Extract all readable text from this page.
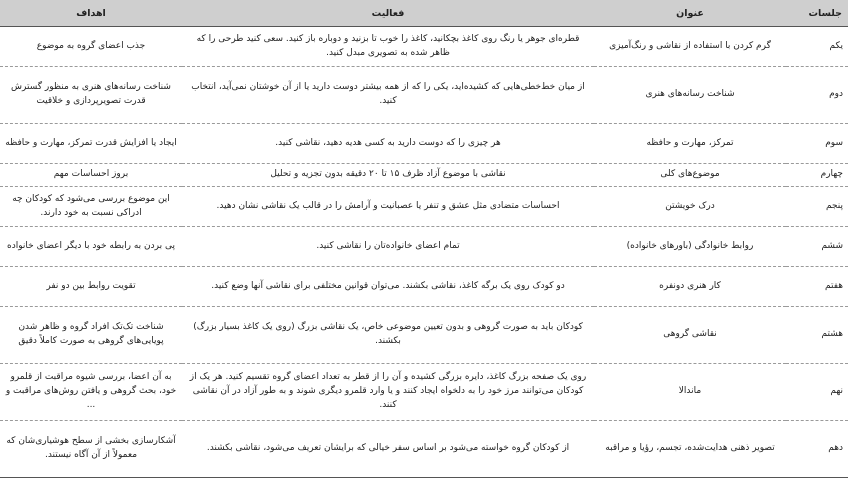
جلسات	عنوان	فعالیت	اهداف
یکم	گرم کردن با استفاده از نقاشی و رنگ‌آمیزی	قطره‌ای جوهر یا رنگ روی کاغذ بچکانید، کاغذ را خوب تا بزنید و دوباره باز کنید. سعی کنید طرحی را که ظاهر شده به تصویری مبدل کنید.	جذب اعضای گروه به موضوع
دوم	شناخت رسانه‌های هنری	از میان خط‌خطی‌هایی که کشیده‌اید، یکی را که از همه بیشتر دوست دارید یا از آن خوشتان نمی‌آید، انتخاب کنید.	شناخت رسانه‌های هنری به منظور گسترش قدرت تصویرپردازی و خلاقیت
سوم	تمرکز، مهارت و حافظه	هر چیزی را که دوست دارید به کسی هدیه دهید، نقاشی کنید.	ایجاد یا افزایش قدرت تمرکز، مهارت و حافظه
چهارم	موضوع‌های کلی	نقاشی با موضوع آزاد ظرف ۱۵ تا ۲۰ دقیقه بدون تجزیه و تحلیل	بروز احساسات مهم
پنجم	درک خویشتن	احساسات متضادی مثل عشق و تنفر یا عصبانیت و آرامش را در قالب یک نقاشی نشان دهید.	این موضوع بررسی می‌شود که کودکان چه ادراکی نسبت به خود دارند.
ششم	روابط خانوادگی (باورهای خانواده)	تمام اعضای خانواده‌تان را نقاشی کنید.	پی بردن به رابطه خود با دیگر اعضای خانواده
هفتم	کار هنری دونفره	دو کودک روی یک برگه کاغذ، نقاشی بکشند. می‌توان قوانین مختلفی برای نقاشی آنها وضع کنید.	تقویت روابط بین دو نفر
هشتم	نقاشی گروهی	کودکان باید به صورت گروهی و بدون تعیین موضوعی خاص، یک نقاشی بزرگ (روی یک کاغذ بسیار بزرگ) بکشند.	شناخت تک‌تک افراد گروه و ظاهر شدن پویایی‌های گروهی به صورت کاملاً دقیق
نهم	ماندالا	روی یک صفحه بزرگ کاغذ، دایره بزرگی کشیده و آن را از قطر به تعداد اعضای گروه تقسیم کنید. هر یک از کودکان می‌توانند مرز خود را به دلخواه ایجاد کنند و یا وارد قلمرو دیگری شوند و به طور آزاد در آن نقاشی کنند.	به آن اعضا، بررسی شیوه مراقبت از قلمرو خود، بحث گروهی و یافتن روش‌های مراقبت و ...
دهم	تصویر ذهنی هدایت‌شده، تجسم، رؤیا و مراقبه	از کودکان گروه خواسته می‌شود بر اساس سفر خیالی که برایشان تعریف می‌شود، نقاشی بکشند.	آشکارسازی بخشی از سطح هوشیاری‌شان که معمولاً از آن آگاه نیستند.
